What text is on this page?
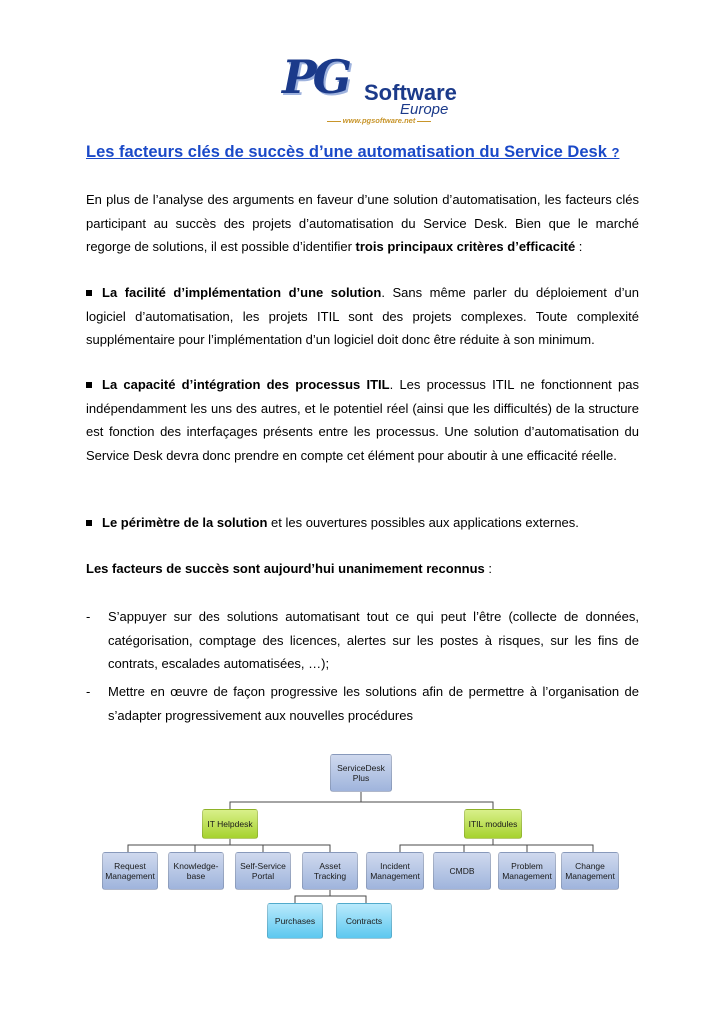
PG Software
Europe
www.pgsoftware.net
Les facteurs clés de succès d’une automatisation du Service Desk ?

En plus de l’analyse des arguments en faveur d’une solution d’automatisation, les facteurs clés participant au succès des projets d’automatisation du Service Desk. Bien que le marché regorge de solutions, il est possible d’identifier trois principaux critères d’efficacité :

La facilité d’implémentation d’une solution. Sans même parler du déploiement d’un logiciel d’automatisation, les projets ITIL sont des projets complexes. Toute complexité supplémentaire pour l’implémentation d’un logiciel doit donc être réduite à son minimum.

La capacité d’intégration des processus ITIL. Les processus ITIL ne fonctionnent pas indépendamment les uns des autres, et le potentiel réel (ainsi que les difficultés) de la structure est fonction des interfaçages présents entre les processus. Une solution d’automatisation du Service Desk devra donc prendre en compte cet élément pour aboutir à une efficacité réelle.

Le périmètre de la solution et les ouvertures possibles aux applications externes.

Les facteurs de succès sont aujourd’hui unanimement reconnus :

- S’appuyer sur des solutions automatisant tout ce qui peut l’être (collecte de données, catégorisation, comptage des licences, alertes sur les postes à risques, sur les fins de contrats, escalades automatisées, …);
- Mettre en œuvre de façon progressive les solutions afin de permettre à l’organisation de s’adapter progressivement aux nouvelles procédures
ServiceDesk Plus
IT Helpdesk	ITIL modules
Request Management
Knowledge-base
Self-Service Portal
Asset Tracking
Incident Management	CMDB	Problem Management
Change Management
Purchases	Contracts
